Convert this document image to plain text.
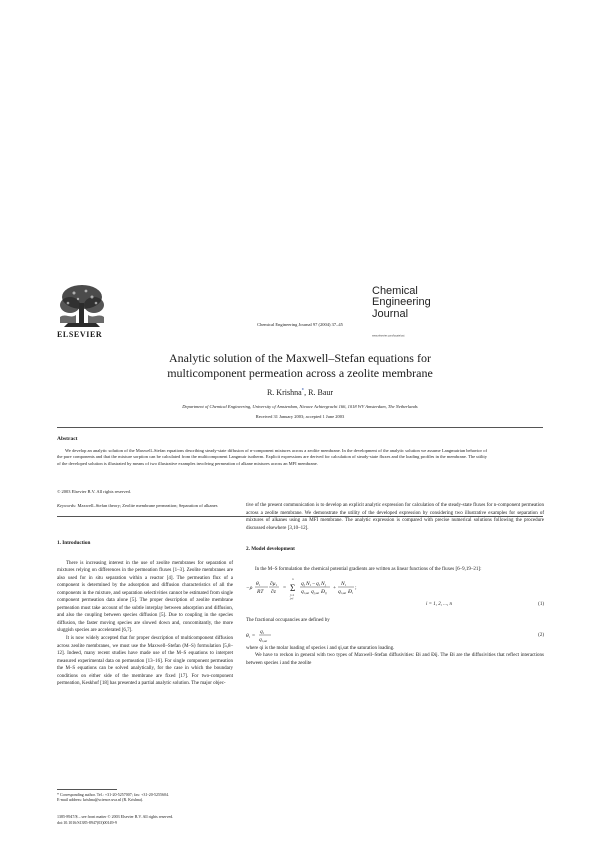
ELSEVIER
Chemical Engineering Journal 97 (2004) 37–45
Chemical
Engineering
Journal
www.elsevier.com/locate/cej
Analytic solution of the Maxwell–Stefan equations for
multicomponent permeation across a zeolite membrane
R. Krishna*, R. Baur
Department of Chemical Engineering, University of Amsterdam, Nieuwe Achtergracht 166, 1018 WV Amsterdam, The Netherlands
Received 31 January 2003; accepted 1 June 2003
Abstract
We develop an analytic solution of the Maxwell–Stefan equations describing steady-state diffusion of n-component mixtures across a zeolite membrane. In the development of the analytic solution we assume Langmuirian behavior of the pure components and that the mixture sorption can be calculated from the multicomponent Langmuir isotherm. Explicit expressions are derived for calculation of steady-state fluxes and the loading profiles in the membrane. The utility of the developed solution is illustrated by means of two illustrative examples involving permeation of alkane mixtures across an MFI membrane.
© 2003 Elsevier B.V. All rights reserved.
Keywords: Maxwell–Stefan theory; Zeolite membrane permeation; Separation of alkanes
1. Introduction

There is increasing interest in the use of zeolite membranes for separation of mixtures relying on differences in the permeation fluxes [1–3]. Zeolite membranes are also used for in situ separation within a reactor [4]. The permeation flux of a component is determined by the adsorption and diffusion characteristics of all the components in the mixture, and separation selectivities cannot be estimated from single component permeation data alone [5]. The proper description of zeolite membrane permeation must take account of the subtle interplay between adsorption and diffusion, and also the coupling between species diffusion [5]. Due to coupling in the species diffusion, the faster moving species are slowed down and, concomitantly, the more sluggish species are accelerated [6,7].

It is now widely accepted that for proper description of multicomponent diffusion across zeolite membranes, we must use the Maxwell–Stefan (M–S) formulation [5,8–12]. Indeed, many recent studies have made use of the M–S equations to interpret measured experimental data on permeation [13–16]. For single component permeation the M–S equations can be solved analytically, for the case in which the boundary conditions on either side of the membrane are fixed [17]. For two-component permeation, Keskhof [18] has presented a partial analytic solution. The major objec-

tive of the present communication is to develop an explicit analytic expression for calculation of the steady-state fluxes for n-component permeation across a zeolite membrane. We demonstrate the utility of the developed expression by considering two illustrative examples for separation of mixtures of alkanes using an MFI membrane. The analytic expression is compared with precise numerical solutions following the procedure discussed elsewhere [3,10–12].

2. Model development

In the M–S formulation the chemical potential gradients are written as linear functions of the fluxes [6–9,19–21]:

−ρ
θ i
RT
∂μ i
∂z
= Σ
n
j=1
j≠i
q j N i − q i N j
q i,sat q j,sat Đ ij
+
N i
q i,sat Đ i
;
i = 1, 2, ..., n	(1)

The fractional occupancies are defined by

θ i =
q i
q i,sat
(2)

where qi is the molar loading of species i and qi,sat the saturation loading.

We have to reckon in general with two types of Maxwell–Stefan diffusivities: Đi and Đij. The Đi are the diffusivities that reflect interactions between species i and the zeolite

* Corresponding author. Tel.: +31-20-5257007; fax: +31-20-5255604.
E-mail address: krishna@science.uva.nl (R. Krishna).
1385-8947/$ – see front matter © 2003 Elsevier B.V. All rights reserved.
doi:10.1016/S1385-8947(03)00149-9
